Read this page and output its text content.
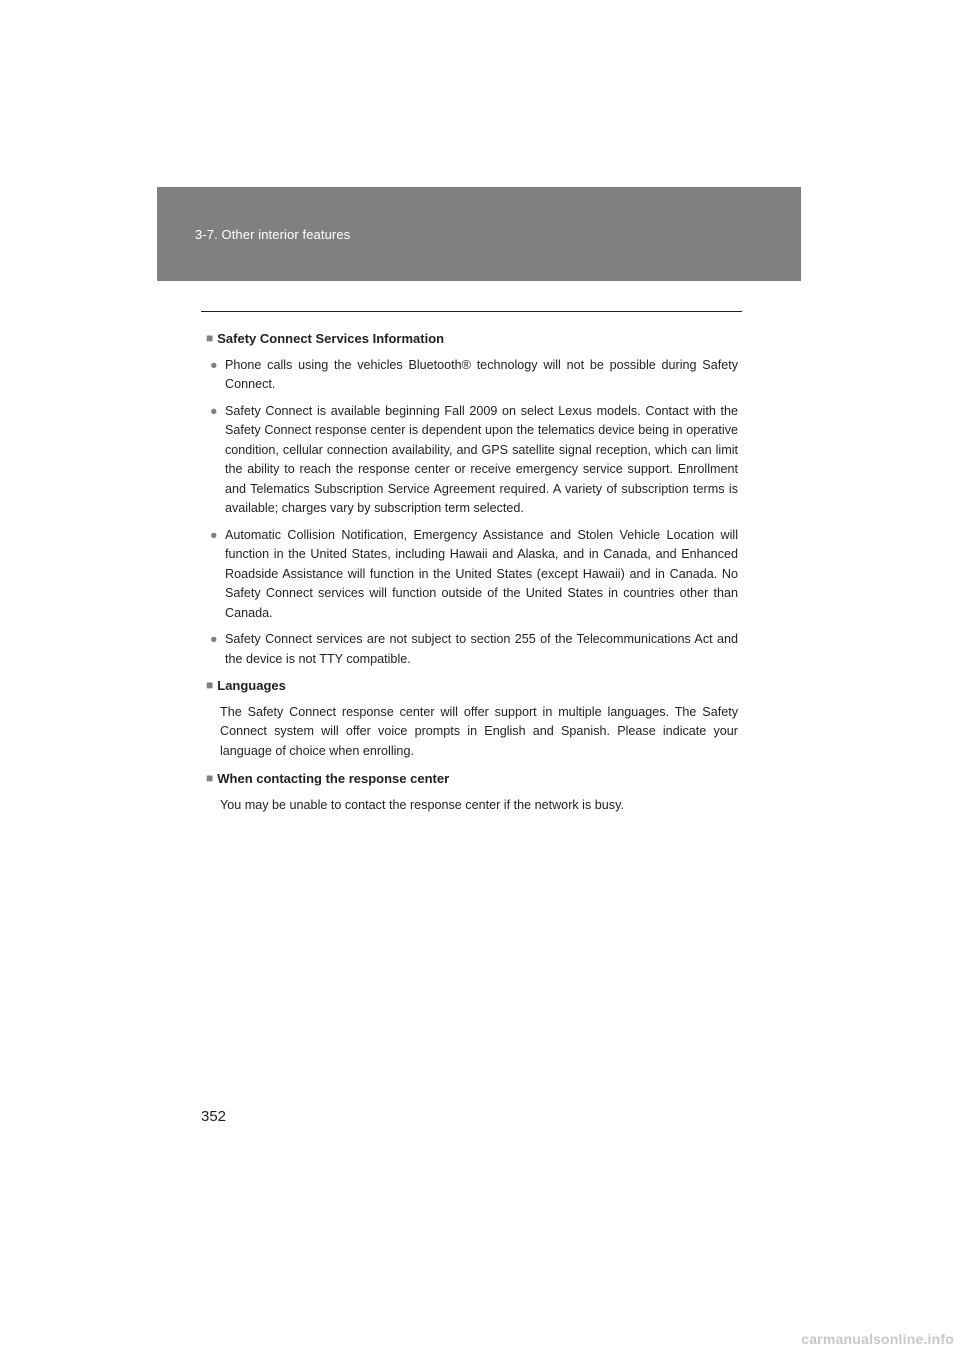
3-7. Other interior features
■ Safety Connect Services Information
● Phone calls using the vehicles Bluetooth® technology will not be possible during Safety Connect.
● Safety Connect is available beginning Fall 2009 on select Lexus models. Contact with the Safety Connect response center is dependent upon the telematics device being in operative condition, cellular connection availability, and GPS satellite signal reception, which can limit the ability to reach the response center or receive emergency service support. Enrollment and Telematics Subscription Service Agreement required. A variety of subscription terms is available; charges vary by subscription term selected.
● Automatic Collision Notification, Emergency Assistance and Stolen Vehicle Location will function in the United States, including Hawaii and Alaska, and in Canada, and Enhanced Roadside Assistance will function in the United States (except Hawaii) and in Canada. No Safety Connect services will function outside of the United States in countries other than Canada.
● Safety Connect services are not subject to section 255 of the Telecommunications Act and the device is not TTY compatible.
■ Languages

The Safety Connect response center will offer support in multiple languages. The Safety Connect system will offer voice prompts in English and Spanish. Please indicate your language of choice when enrolling.

■ When contacting the response center

You may be unable to contact the response center if the network is busy.

352
carmanualsonline.info
